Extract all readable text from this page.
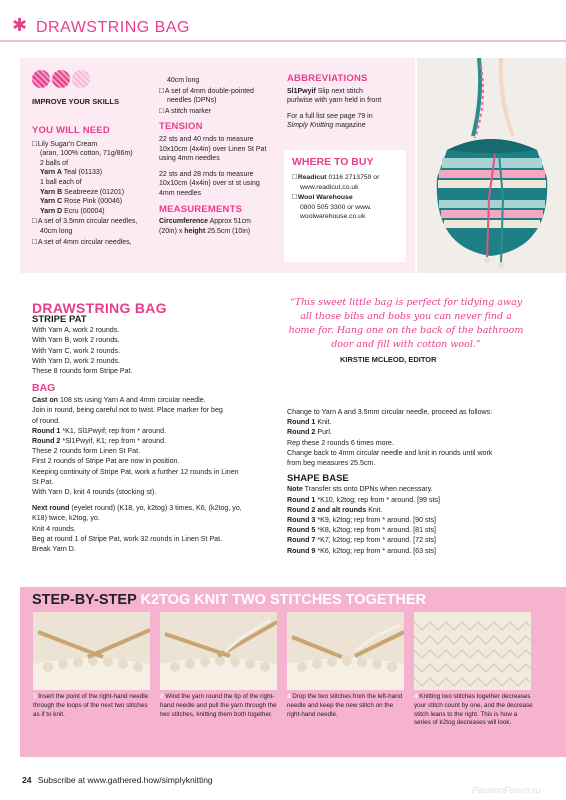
✱ DRAWSTRING BAG
IMPROVE YOUR SKILLS
YOU WILL NEED

□ Lily Sugar'n Cream

(aran, 100% cotton, 71g/86m)

2 balls of

Yarn A Teal (01133)

1 ball each of

Yarn B Seabreeze (01201)

Yarn C Rose Pink (00046)

Yarn D Ecru (00004)

□ A set of 3.5mm circular needles,

40cm long

□ A set of 4mm circular needles,

40cm long

□ A set of 4mm double-pointed

needles (DPNs)

□ A stitch marker

TENSION

22 sts and 40 rnds to measure

10x10cm (4x4in) over Linen St Pat

using 4mm needles

22 sts and 28 rnds to measure

10x10cm (4x4in) over st st using

4mm needles

MEASUREMENTS

Circumference Approx 51cm

(20in) x height 25.5cm (10in)

ABBREVIATIONS

Sl1Pwyif Slip next stitch

purlwise with yarn held in front

For a full list see page 79 in

Simply Knitting magazine

WHERE TO BUY

□ Readicut 0116 2713759 or

www.readicut.co.uk

□ Wool Warehouse

0800 505 3300 or www.

woolwarehouse.co.uk

DRAWSTRING BAG

STRIPE PAT

With Yarn A, work 2 rounds.

With Yarn B, work 2 rounds.

With Yarn C, work 2 rounds.

With Yarn D, work 2 rounds.

These 8 rounds form Stripe Pat.

BAG

Cast on 108 sts using Yarn A and 4mm circular needle.

Join in round, being careful not to twist. Place marker for beg

of round.

Round 1 *K1, Sl1Pwyif; rep from * around.

Round 2 *Sl1Pwyif, K1; rep from * around.

These 2 rounds form Linen St Pat.

First 2 rounds of Stripe Pat are now in position.

Keeping continuity of Stripe Pat, work a further 12 rounds in Linen

St Pat.

With Yarn D, knit 4 rounds (stocking st).

Next round (eyelet round) (K18, yo, k2tog) 3 times, K6, (k2tog, yo,

K18) twice, k2tog, yo.

Knit 4 rounds.

Beg at round 1 of Stripe Pat, work 32 rounds in Linen St Pat.

Break Yarn D.

“This sweet little bag is perfect for tidying away all those bibs and bobs you can never find a home for. Hang one on the back of the bathroom door and fill with cotton wool.”
KIRSTIE MCLEOD, EDITOR

Change to Yarn A and 3.5mm circular needle, proceed as follows:

Round 1 Knit.

Round 2 Purl.

Rep these 2 rounds 6 times more.

Change back to 4mm circular needle and knit in rounds until work

from beg measures 25.5cm.

SHAPE BASE

Note Transfer sts onto DPNs when necessary.

Round 1 *K10, k2tog; rep from * around. [99 sts]

Round 2 and alt rounds Knit.

Round 3 *K9, k2tog; rep from * around. [90 sts]

Round 5 *K8, k2tog; rep from * around. [81 sts]

Round 7 *K7, k2tog; rep from * around. [72 sts]

Round 9 *K6, k2tog; rep from * around. [63 sts]

STEP-BY-STEP K2TOG KNIT TWO STITCHES TOGETHER
1 Insert the point of the right-hand needle through the loops of the next two stitches as if to knit.
2 Wind the yarn round the tip of the right-hand needle and pull the yarn through the two stitches, knitting them both together.
3 Drop the two stitches from the left-hand needle and keep the new stitch on the right-hand needle.
4 Knitting two stitches together decreases your stitch count by one, and the decrease stitch leans to the right. This is how a series of k2tog decreases will look.
24 Subscribe at www.gathered.how/simplyknitting
PassionForum.ru
